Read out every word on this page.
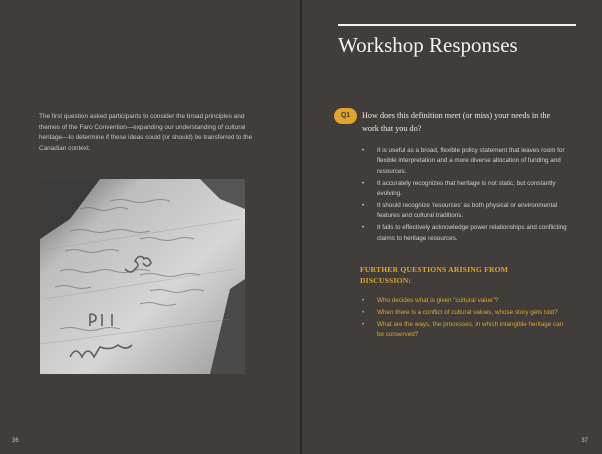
The first question asked participants to consider the broad principles and themes of the Faro Convention—expanding our understanding of cultural heritage—to determine if these ideas could (or should) be transferred to the Canadian context.

36
Workshop Responses
Q1	How does this definition meet (or miss) your needs in the work that you do?
• It is useful as a broad, flexible policy statement that leaves room for flexible interpretation and a more diverse allocation of funding and resources.
• It accurately recognizes that heritage is not static, but constantly evolving.
• It should recognize 'resources' as both physical or environmental features and cultural traditions.
• It fails to effectively acknowledge power relationships and conflicting claims to heritage resources.
FURTHER QUESTIONS ARISING FROM DISCUSSION:
• Who decides what is given "cultural value"?
• When there is a conflict of cultural values, whose story gets told?
• What are the ways, the processes, in which intangible heritage can be conserved?
37
